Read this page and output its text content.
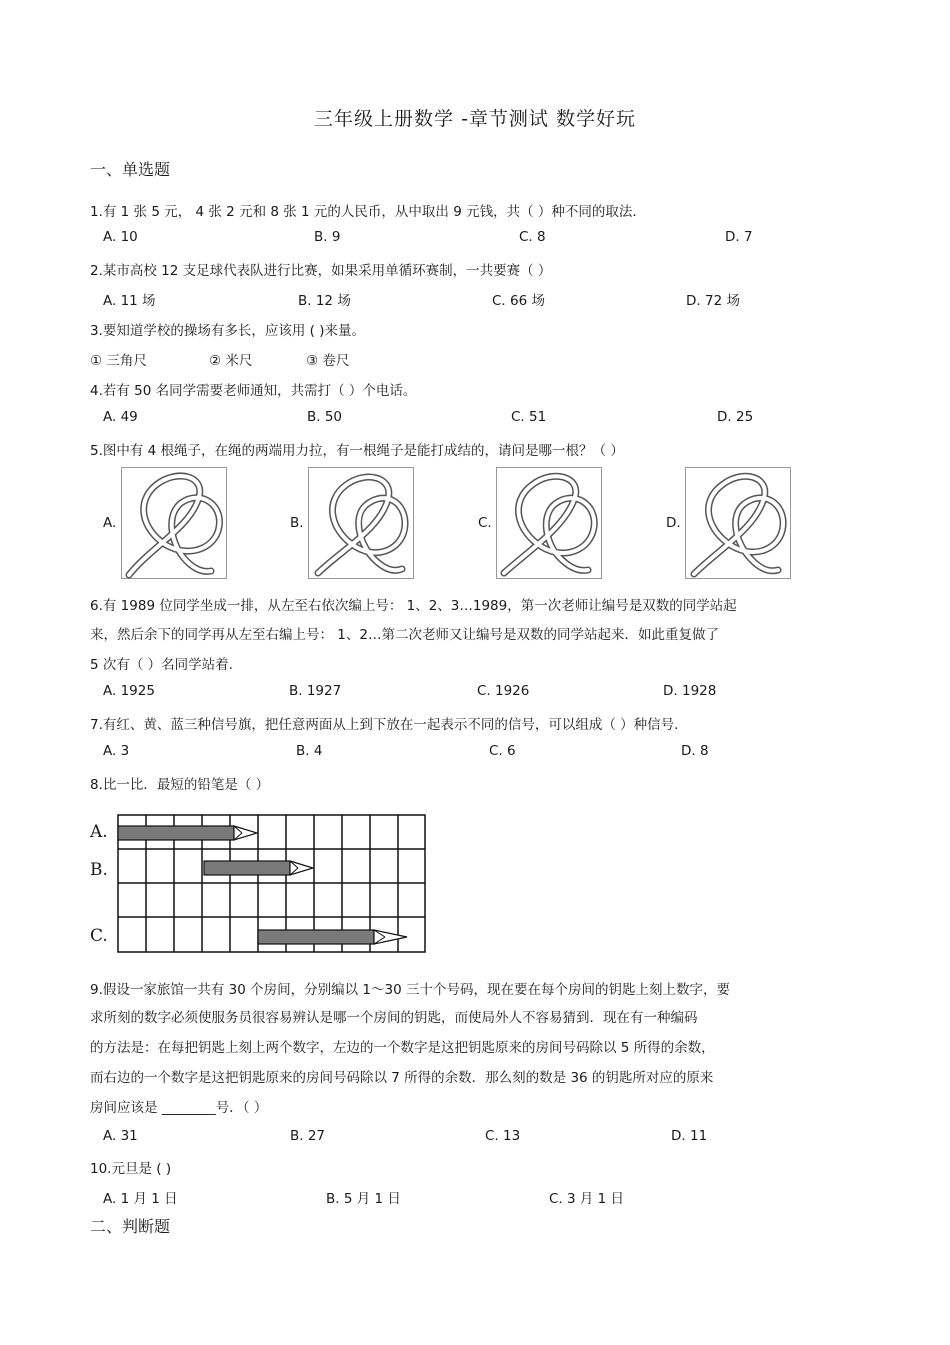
三年级上册数学 -章节测试 数学好玩
一、单选题
1.有 1 张 5 元， 4 张 2 元和 8 张 1 元的人民币，从中取出 9 元钱，共（ ）种不同的取法.
A. 10	B. 9	C. 8	D. 7
2.某市高校 12 支足球代表队进行比赛，如果采用单循环赛制，一共要赛（ ）
A. 11 场	B. 12 场	C. 66 场	D. 72 场
3.要知道学校的操场有多长，应该用 ( )来量。
① 三角尺	② 米尺	③ 卷尺
4.若有 50 名同学需要老师通知，共需打（ ）个电话。
A. 49	B. 50	C. 51	D. 25
5.图中有 4 根绳子，在绳的两端用力拉，有一根绳子是能打成结的，请问是哪一根？（ ）
A.	B.	C.	D.
6.有 1989 位同学坐成一排，从左至右依次编上号： 1、2、3…1989，第一次老师让编号是双数的同学站起
来，然后余下的同学再从左至右编上号： 1、2…第二次老师又让编号是双数的同学站起来．如此重复做了
5 次有（ ）名同学站着.
A. 1925	B. 1927	C. 1926	D. 1928
7.有红、黄、蓝三种信号旗，把任意两面从上到下放在一起表示不同的信号，可以组成（ ）种信号.
A. 3	B. 4	C. 6	D. 8
8.比一比．最短的铅笔是（ ）
A.
B.
C.
9.假设一家旅馆一共有 30 个房间，分别编以 1～30 三十个号码，现在要在每个房间的钥匙上刻上数字，要
求所刻的数字必须使服务员很容易辨认是哪一个房间的钥匙，而使局外人不容易猜到．现在有一种编码
的方法是：在每把钥匙上刻上两个数字，左边的一个数字是这把钥匙原来的房间号码除以 5 所得的余数，
而右边的一个数字是这把钥匙原来的房间号码除以 7 所得的余数．那么刻的数是 36 的钥匙所对应的原来
房间应该是 ________号．（ ）
A. 31	B. 27	C. 13	D. 11
10.元旦是 ( )
A. 1 月 1 日	B. 5 月 1 日	C. 3 月 1 日
二、判断题
